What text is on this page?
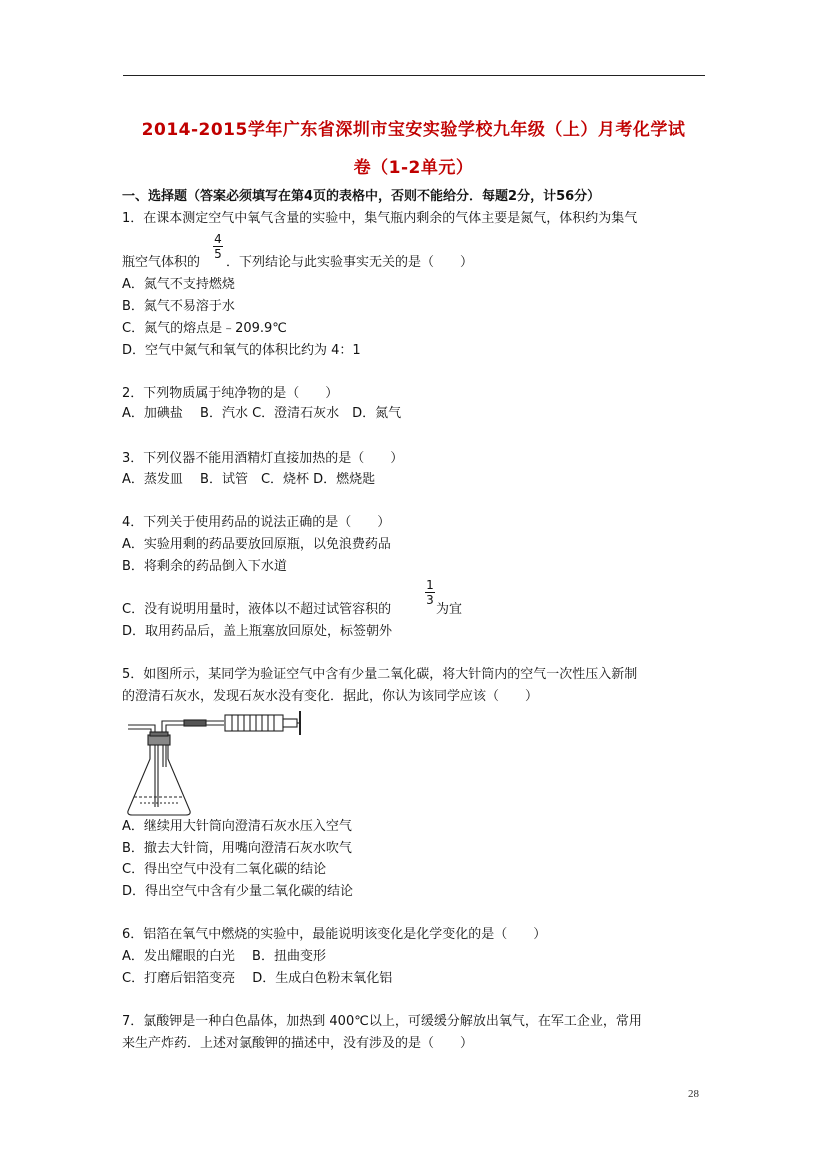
2014-2015学年广东省深圳市宝安实验学校九年级（上）月考化学试
卷（1-2单元）
一、选择题（答案必须填写在第4页的表格中，否则不能给分．每题2分，计56分）
1．在课本测定空气中氧气含量的实验中，集气瓶内剩余的气体主要是氮气，体积约为集气
瓶空气体积的
4
5
．下列结论与此实验事实无关的是（　　）
A．氮气不支持燃烧
B．氮气不易溶于水
C．氮气的熔点是﹣209.9℃
D．空气中氮气和氧气的体积比约为 4：1
2．下列物质属于纯净物的是（　　）
A．加碘盐　 B．汽水 C．澄清石灰水　D．氮气
3．下列仪器不能用酒精灯直接加热的是（　　）
A．蒸发皿　 B．试管　C．烧杯 D．燃烧匙
4．下列关于使用药品的说法正确的是（　　）
A．实验用剩的药品要放回原瓶，以免浪费药品
B．将剩余的药品倒入下水道
C．没有说明用量时，液体以不超过试管容积的
1
3
为宜
D．取用药品后，盖上瓶塞放回原处，标签朝外
5．如图所示，某同学为验证空气中含有少量二氧化碳，将大针筒内的空气一次性压入新制
的澄清石灰水，发现石灰水没有变化．据此，你认为该同学应该（　　）
A．继续用大针筒向澄清石灰水压入空气
B．撤去大针筒，用嘴向澄清石灰水吹气
C．得出空气中没有二氧化碳的结论
D．得出空气中含有少量二氧化碳的结论
6．铝箔在氧气中燃烧的实验中，最能说明该变化是化学变化的是（　　）
A．发出耀眼的白光　 B．扭曲变形
C．打磨后铝箔变亮　 D．生成白色粉末氧化铝
7．氯酸钾是一种白色晶体，加热到 400℃以上，可缓缓分解放出氧气，在军工企业，常用
来生产炸药．上述对氯酸钾的描述中，没有涉及的是（　　）
28
